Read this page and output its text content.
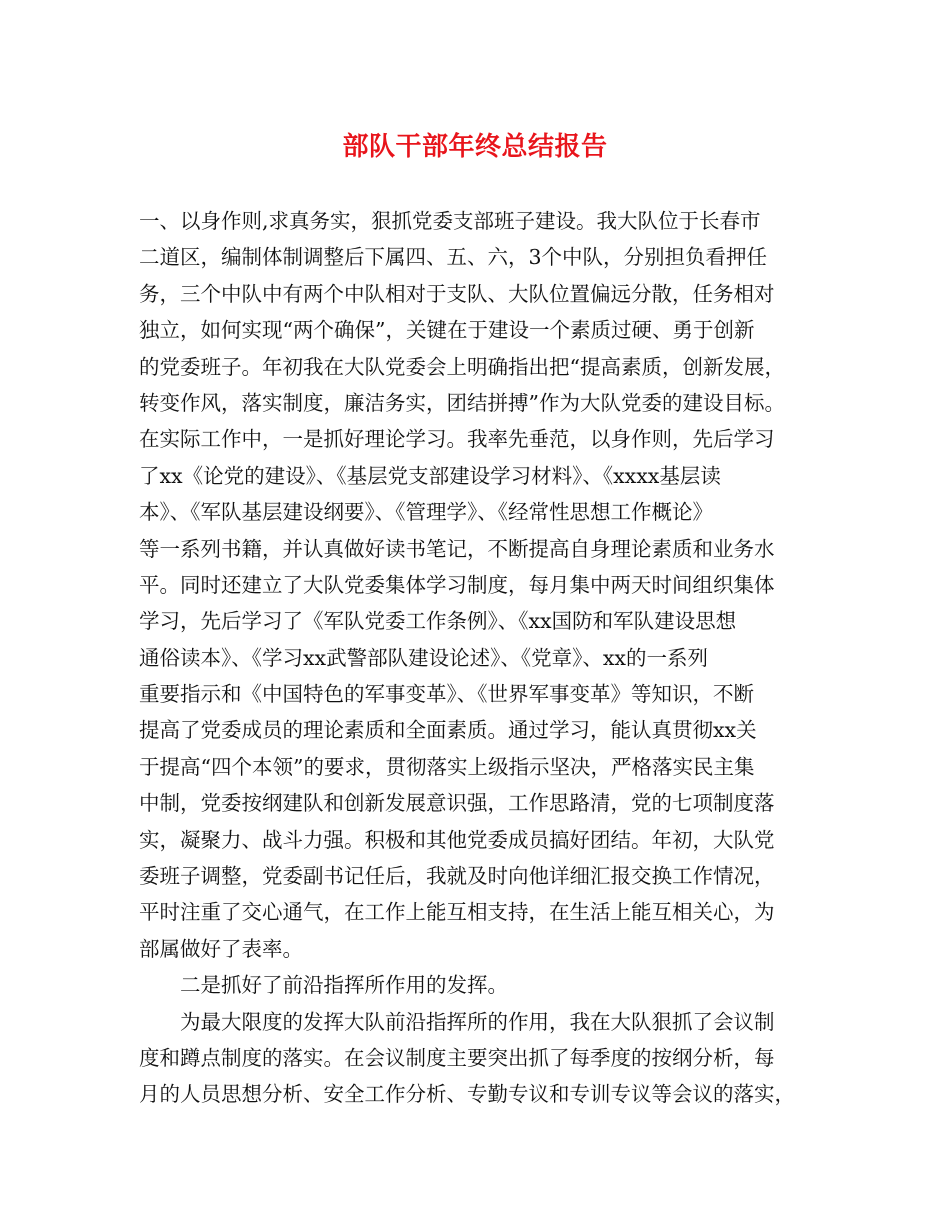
部队干部年终总结报告
一、以身作则,求真务实，狠抓党委支部班子建设。我大队位于长春市
二道区，编制体制调整后下属四、五、六，3个中队，分别担负看押任
务，三个中队中有两个中队相对于支队、大队位置偏远分散，任务相对
独立，如何实现“两个确保”，关键在于建设一个素质过硬、勇于创新
的党委班子。年初我在大队党委会上明确指出把“提高素质，创新发展，
转变作风，落实制度，廉洁务实，团结拼搏”作为大队党委的建设目标。
在实际工作中，一是抓好理论学习。我率先垂范，以身作则，先后学习
了xx《论党的建设》、《基层党支部建设学习材料》、《xxxx基层读
本》、《军队基层建设纲要》、《管理学》、《经常性思想工作概论》
等一系列书籍，并认真做好读书笔记，不断提高自身理论素质和业务水
平。同时还建立了大队党委集体学习制度，每月集中两天时间组织集体
学习，先后学习了《军队党委工作条例》、《xx国防和军队建设思想
通俗读本》、《学习xx武警部队建设论述》、《党章》、xx的一系列
重要指示和《中国特色的军事变革》、《世界军事变革》等知识，不断
提高了党委成员的理论素质和全面素质。通过学习，能认真贯彻xx关
于提高“四个本领”的要求，贯彻落实上级指示坚决，严格落实民主集
中制，党委按纲建队和创新发展意识强，工作思路清，党的七项制度落
实，凝聚力、战斗力强。积极和其他党委成员搞好团结。年初，大队党
委班子调整，党委副书记任后，我就及时向他详细汇报交换工作情况，
平时注重了交心通气，在工作上能互相支持，在生活上能互相关心，为
部属做好了表率。
二是抓好了前沿指挥所作用的发挥。
为最大限度的发挥大队前沿指挥所的作用，我在大队狠抓了会议制
度和蹲点制度的落实。在会议制度主要突出抓了每季度的按纲分析，每
月的人员思想分析、安全工作分析、专勤专议和专训专议等会议的落实，
